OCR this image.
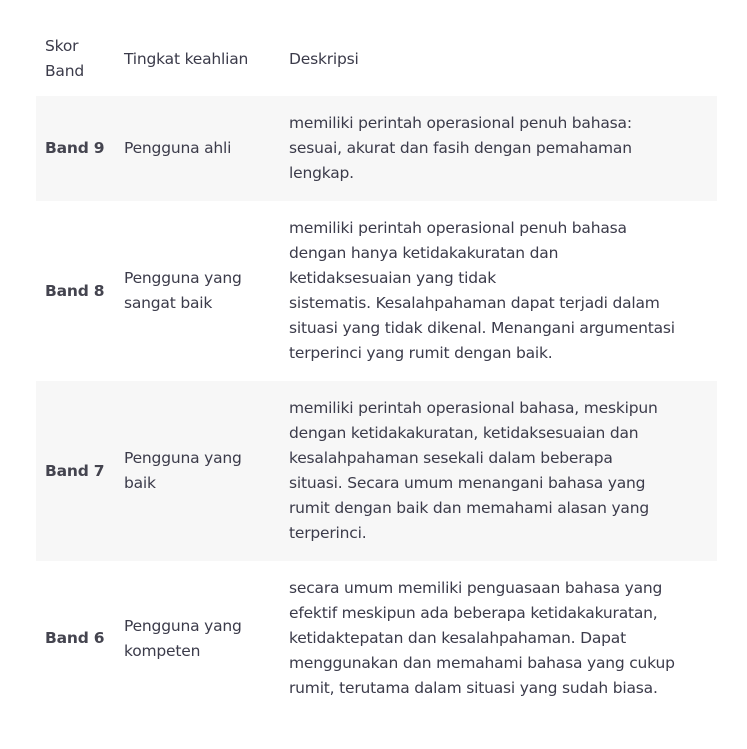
Skor
Band
Tingkat keahlian	Deskripsi
Band 9	Pengguna ahli
memiliki perintah operasional penuh bahasa:
sesuai, akurat dan fasih dengan pemahaman
lengkap.
Band 8
Pengguna yang
sangat baik
memiliki perintah operasional penuh bahasa
dengan hanya ketidakakuratan dan
ketidaksesuaian yang tidak
sistematis. Kesalahpahaman dapat terjadi dalam
situasi yang tidak dikenal. Menangani argumentasi
terperinci yang rumit dengan baik.
Band 7
Pengguna yang
baik
memiliki perintah operasional bahasa, meskipun
dengan ketidakakuratan, ketidaksesuaian dan
kesalahpahaman sesekali dalam beberapa
situasi. Secara umum menangani bahasa yang
rumit dengan baik dan memahami alasan yang
terperinci.
Band 6
Pengguna yang
kompeten
secara umum memiliki penguasaan bahasa yang
efektif meskipun ada beberapa ketidakakuratan,
ketidaktepatan dan kesalahpahaman. Dapat
menggunakan dan memahami bahasa yang cukup
rumit, terutama dalam situasi yang sudah biasa.
